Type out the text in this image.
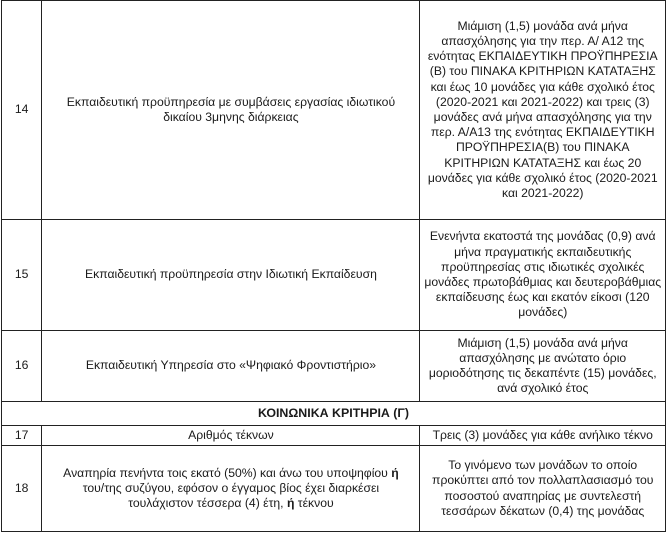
14	Εκπαιδευτική προϋπηρεσία με συμβάσεις εργασίας ιδιωτικού δικαίου 3μηνης διάρκειας	Μιάμιση (1,5) μονάδα ανά μήνα απασχόλησης για την περ. Α/ Α12 της ενότητας ΕΚΠΑΙΔΕΥΤΙΚΗ ΠΡΟΫΠΗΡΕΣΙΑ (Β) του ΠΙΝΑΚΑ ΚΡΙΤΗΡΙΩΝ ΚΑΤΑΤΑΞΗΣ και έως 10 μονάδες για κάθε σχολικό έτος (2020-2021 και 2021-2022) και τρεις (3) μονάδες ανά μήνα απασχόλησης για την περ. Α/Α13 της ενότητας ΕΚΠΑΙΔΕΥΤΙΚΗ ΠΡΟΫΠΗΡΕΣΙΑ(Β) του ΠΙΝΑΚΑ ΚΡΙΤΗΡΙΩΝ ΚΑΤΑΤΑΞΗΣ και έως 20 μονάδες για κάθε σχολικό έτος (2020-2021 και 2021-2022)
15	Εκπαιδευτική προϋπηρεσία στην Ιδιωτική Εκπαίδευση	Ενενήντα εκατοστά της μονάδας (0,9) ανά μήνα πραγματικής εκπαιδευτικής προϋπηρεσίας στις ιδιωτικές σχολικές μονάδες πρωτοβάθμιας και δευτεροβάθμιας εκπαίδευσης έως και εκατόν είκοσι (120 μονάδες)
16	Εκπαιδευτική Υπηρεσία στο «Ψηφιακό Φροντιστήριο»	Μιάμιση (1,5) μονάδα ανά μήνα απασχόλησης με ανώτατο όριο μοριοδότησης τις δεκαπέντε (15) μονάδες, ανά σχολικό έτος
ΚΟΙΝΩΝΙΚΑ ΚΡΙΤΗΡΙΑ (Γ)		
17	Αριθμός τέκνων	Τρεις (3) μονάδες για κάθε ανήλικο τέκνο
18	Αναπηρία πενήντα τοις εκατό (50%) και άνω του υποψηφίου ή του/της συζύγου, εφόσον ο έγγαμος βίος έχει διαρκέσει τουλάχιστον τέσσερα (4) έτη, ή τέκνου	Το γινόμενο των μονάδων το οποίο προκύπτει από τον πολλαπλασιασμό του ποσοστού αναπηρίας με συντελεστή τεσσάρων δέκατων (0,4) της μονάδας
